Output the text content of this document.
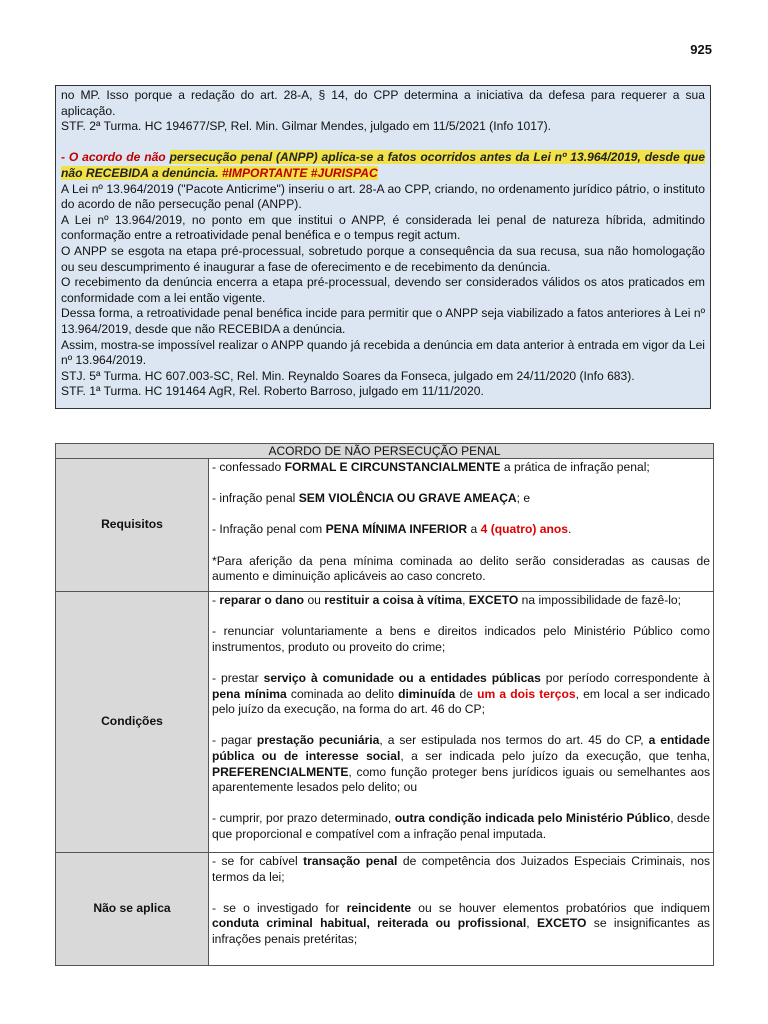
925

no MP. Isso porque a redação do art. 28-A, § 14, do CPP determina a iniciativa da defesa para requerer a sua aplicação.

STF. 2ª Turma. HC 194677/SP, Rel. Min. Gilmar Mendes, julgado em 11/5/2021 (Info 1017).

- O acordo de não persecução penal (ANPP) aplica-se a fatos ocorridos antes da Lei nº 13.964/2019, desde que não RECEBIDA a denúncia. #IMPORTANTE #JURISPAC

A Lei nº 13.964/2019 ("Pacote Anticrime") inseriu o art. 28-A ao CPP, criando, no ordenamento jurídico pátrio, o instituto do acordo de não persecução penal (ANPP).

A Lei nº 13.964/2019, no ponto em que institui o ANPP, é considerada lei penal de natureza híbrida, admitindo conformação entre a retroatividade penal benéfica e o tempus regit actum.

O ANPP se esgota na etapa pré-processual, sobretudo porque a consequência da sua recusa, sua não homologação ou seu descumprimento é inaugurar a fase de oferecimento e de recebimento da denúncia.

O recebimento da denúncia encerra a etapa pré-processual, devendo ser considerados válidos os atos praticados em conformidade com a lei então vigente.

Dessa forma, a retroatividade penal benéfica incide para permitir que o ANPP seja viabilizado a fatos anteriores à Lei nº 13.964/2019, desde que não RECEBIDA a denúncia.

Assim, mostra-se impossível realizar o ANPP quando já recebida a denúncia em data anterior à entrada em vigor da Lei nº 13.964/2019.

STJ. 5ª Turma. HC 607.003-SC, Rel. Min. Reynaldo Soares da Fonseca, julgado em 24/11/2020 (Info 683).

STF. 1ª Turma. HC 191464 AgR, Rel. Roberto Barroso, julgado em 11/11/2020.

ACORDO DE NÃO PERSECUÇÃO PENAL	
Requisitos	- confessado FORMAL E CIRCUNSTANCIALMENTE a prática de infração penal;

- infração penal SEM VIOLÊNCIA OU GRAVE AMEAÇA; e

- Infração penal com PENA MÍNIMA INFERIOR a 4 (quatro) anos.

*Para aferição da pena mínima cominada ao delito serão consideradas as causas de aumento e diminuição aplicáveis ao caso concreto.

Condições	- reparar o dano ou restituir a coisa à vítima, EXCETO na impossibilidade de fazê-lo;

- renunciar voluntariamente a bens e direitos indicados pelo Ministério Público como instrumentos, produto ou proveito do crime;

- prestar serviço à comunidade ou a entidades públicas por período correspondente à pena mínima cominada ao delito diminuída de um a dois terços, em local a ser indicado pelo juízo da execução, na forma do art. 46 do CP;

- pagar prestação pecuniária, a ser estipulada nos termos do art. 45 do CP, a entidade pública ou de interesse social, a ser indicada pelo juízo da execução, que tenha, PREFERENCIALMENTE, como função proteger bens jurídicos iguais ou semelhantes aos aparentemente lesados pelo delito; ou

- cumprir, por prazo determinado, outra condição indicada pelo Ministério Público, desde que proporcional e compatível com a infração penal imputada.

Não se aplica	- se for cabível transação penal de competência dos Juizados Especiais Criminais, nos termos da lei;

- se o investigado for reincidente ou se houver elementos probatórios que indiquem conduta criminal habitual, reiterada ou profissional, EXCETO se insignificantes as infrações penais pretéritas;
